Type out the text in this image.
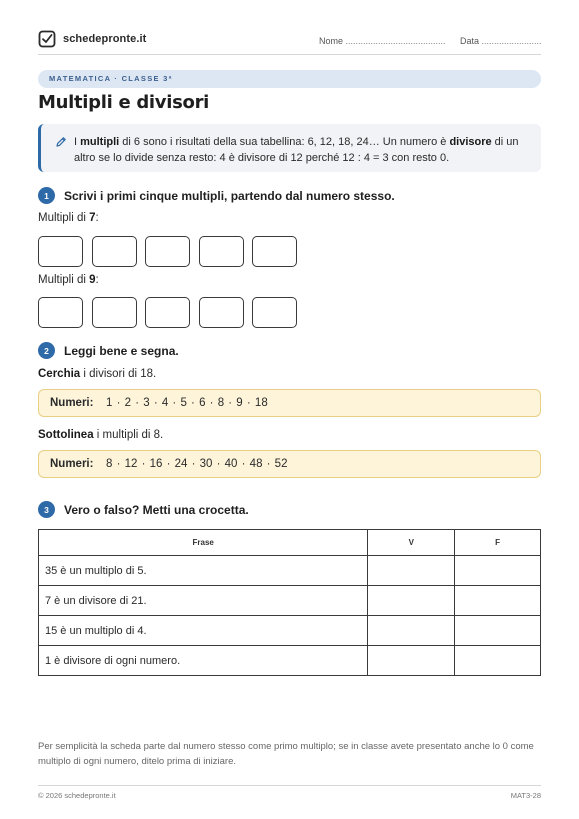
schedepronte.it	Nome ........................................ Data ........................
MATEMATICA · CLASSE 3ª
Multipli e divisori

I multipli di 6 sono i risultati della sua tabellina: 6, 12, 18, 24… Un numero è divisore di un altro se lo divide senza resto: 4 è divisore di 12 perché 12 : 4 = 3 con resto 0.

1	Scrivi i primi cinque multipli, partendo dal numero stesso.
Multipli di 7:
Multipli di 9:
2	Leggi bene e segna.
Cerchia i divisori di 18.
Numeri: 1 · 2 · 3 · 4 · 5 · 6 · 8 · 9 · 18
Sottolinea i multipli di 8.
Numeri: 8 · 12 · 16 · 24 · 30 · 40 · 48 · 52
3	Vero o falso? Metti una crocetta.
Frase	V	F
35 è un multiplo di 5.		
7 è un divisore di 21.		
15 è un multiplo di 4.		
1 è divisore di ogni numero.		
Per semplicità la scheda parte dal numero stesso come primo multiplo; se in classe avete presentato anche lo 0 come multiplo di ogni numero, ditelo prima di iniziare.
© 2026 schedepronte.it	MAT3-28
